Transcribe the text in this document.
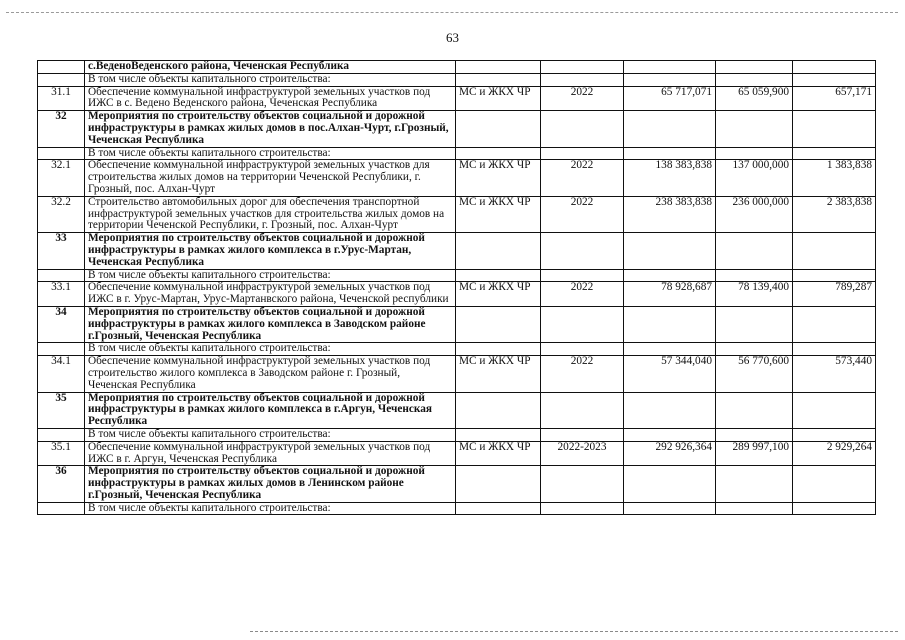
63
	с.ВеденоВеденского района, Чеченская Республика					
	В том числе объекты капитального строительства:					
31.1	Обеспечение коммунальной инфраструктурой земельных участков под ИЖС в с. Ведено Веденского района, Чеченская Республика	МС и ЖКХ ЧР	2022	65 717,071	65 059,900	657,171
32	Мероприятия по строительству объектов социальной и дорожной инфраструктуры в рамках жилых домов в пос.Алхан-Чурт, г.Грозный, Чеченская Республика					
	В том числе объекты капитального строительства:					
32.1	Обеспечение коммунальной инфраструктурой земельных участков для строительства жилых домов на территории Чеченской Республики, г. Грозный, пос. Алхан-Чурт	МС и ЖКХ ЧР	2022	138 383,838	137 000,000	1 383,838
32.2	Строительство автомобильных дорог для обеспечения транспортной инфраструктурой земельных участков для строительства жилых домов на территории Чеченской Республики, г. Грозный, пос. Алхан-Чурт	МС и ЖКХ ЧР	2022	238 383,838	236 000,000	2 383,838
33	Мероприятия по строительству объектов социальной и дорожной инфраструктуры в рамках жилого комплекса в г.Урус-Мартан, Чеченская Республика					
	В том числе объекты капитального строительства:					
33.1	Обеспечение коммунальной инфраструктурой земельных участков под ИЖС в г. Урус-Мартан, Урус-Мартанвского района, Чеченской республики	МС и ЖКХ ЧР	2022	78 928,687	78 139,400	789,287
34	Мероприятия по строительству объектов социальной и дорожной инфраструктуры в рамках жилого комплекса в Заводском районе г.Грозный, Чеченская Республика					
	В том числе объекты капитального строительства:					
34.1	Обеспечение коммунальной инфраструктурой земельных участков под строительство жилого комплекса в Заводском районе г. Грозный, Чеченская Республика	МС и ЖКХ ЧР	2022	57 344,040	56 770,600	573,440
35	Мероприятия по строительству объектов социальной и дорожной инфраструктуры в рамках жилого комплекса в г.Аргун, Чеченская Республика					
	В том числе объекты капитального строительства:					
35.1	Обеспечение коммунальной инфраструктурой земельных участков под ИЖС в г. Аргун, Чеченская Республика	МС и ЖКХ ЧР	2022-2023	292 926,364	289 997,100	2 929,264
36	Мероприятия по строительству объектов социальной и дорожной инфраструктуры в рамках жилых домов в Ленинском районе г.Грозный, Чеченская Республика					
	В том числе объекты капитального строительства:					
